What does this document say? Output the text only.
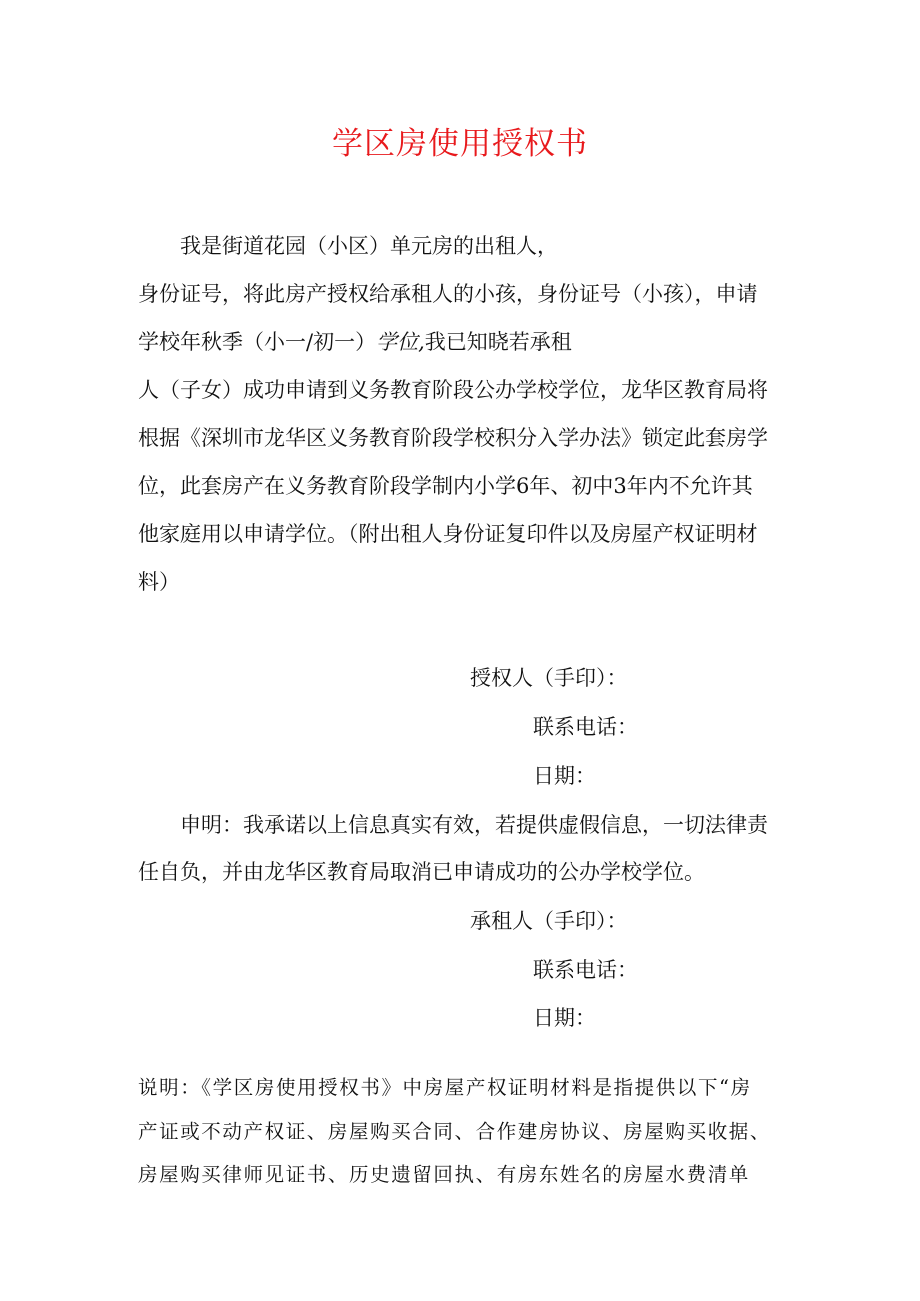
学区房使用授权书

我是街道花园（小区）单元房的出租人，

身份证号，将此房产授权给承租人的小孩，身份证号（小孩），申请

学校年秋季（小一/初一）学位,我已知晓若承租

人（子女）成功申请到义务教育阶段公办学校学位，龙华区教育局将

根据《深圳市龙华区义务教育阶段学校积分入学办法》锁定此套房学

位，此套房产在义务教育阶段学制内小学6年、初中3年内不允许其

他家庭用以申请学位。（附出租人身份证复印件以及房屋产权证明材

料）

授权人（手印）：
联系电话：
日期：

申明：我承诺以上信息真实有效，若提供虚假信息，一切法律责

任自负，并由龙华区教育局取消已申请成功的公办学校学位。

承租人（手印）：
联系电话：
日期：

说明：《学区房使用授权书》中房屋产权证明材料是指提供以下“房

产证或不动产权证、房屋购买合同、合作建房协议、房屋购买收据、

房屋购买律师见证书、历史遗留回执、有房东姓名的房屋水费清单
